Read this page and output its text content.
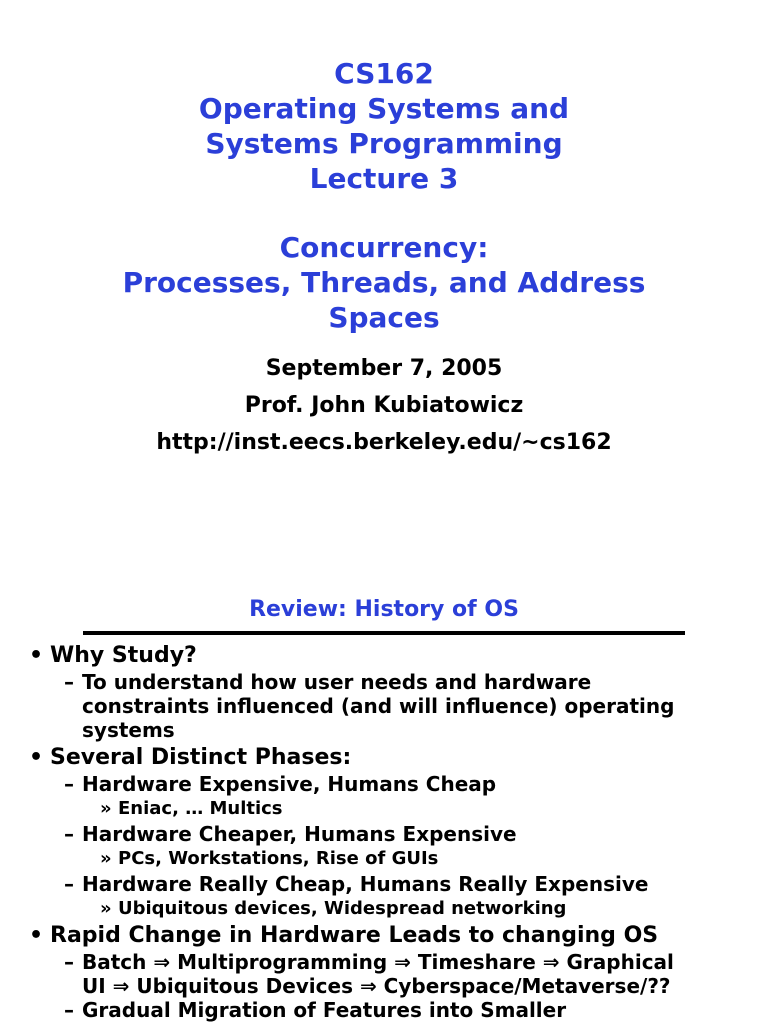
CS162
Operating Systems and
Systems Programming
Lecture 3
Concurrency:
Processes, Threads, and Address
Spaces
September 7, 2005
Prof. John Kubiatowicz
http://inst.eecs.berkeley.edu/~cs162
Review: History of OS
• Why Study?
– To understand how user needs and hardware
constraints influenced (and will influence) operating
systems
• Several Distinct Phases:
– Hardware Expensive, Humans Cheap
» Eniac, … Multics
– Hardware Cheaper, Humans Expensive
» PCs, Workstations, Rise of GUIs
– Hardware Really Cheap, Humans Really Expensive
» Ubiquitous devices, Widespread networking
• Rapid Change in Hardware Leads to changing OS
– Batch ⇒ Multiprogramming ⇒ Timeshare ⇒ Graphical
UI ⇒ Ubiquitous Devices ⇒ Cyberspace/Metaverse/??
– Gradual Migration of Features into Smaller
